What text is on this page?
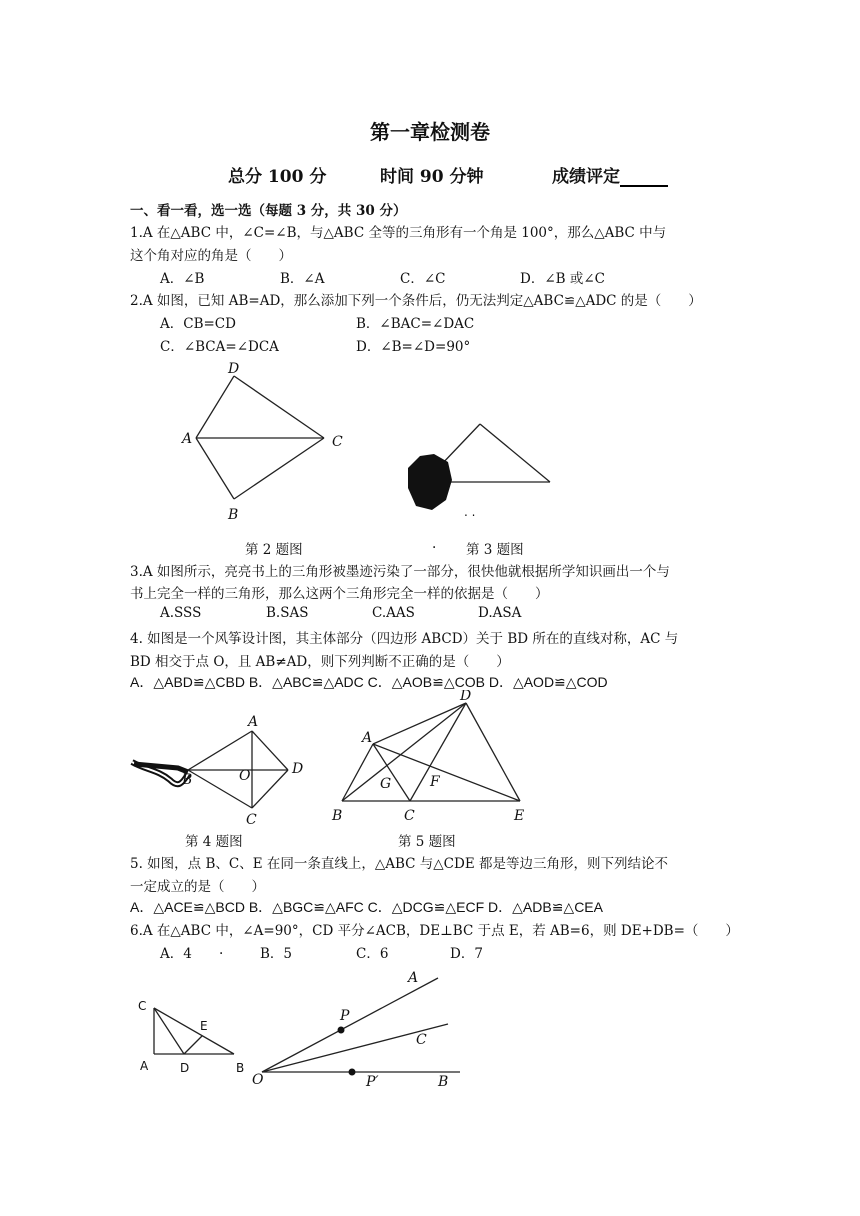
第一章检测卷
总分 100 分	时间 90 分钟	成绩评定
一、看一看，选一选（每题 3 分，共 30 分）
1.A 在△ABC 中，∠C=∠B，与△ABC 全等的三角形有一个角是 100°，那么△ABC 中与
这个角对应的角是（　　）
A．∠B	B．∠A	C．∠C	D．∠B 或∠C
2.A 如图，已知 AB=AD，那么添加下列一个条件后，仍无法判定△ABC≌△ADC 的是（　　）
A．CB=CD	B．∠BAC=∠DAC
C．∠BCA=∠DCA	D．∠B=∠D=90°
D
A	C
B	. .
第 2 题图	. 第 3 题图
3.A 如图所示，亮亮书上的三角形被墨迹污染了一部分，很快他就根据所学知识画出一个与
书上完全一样的三角形，那么这两个三角形完全一样的依据是（　　）
A.SSS	B.SAS	C.AAS	D.ASA
4. 如图是一个风筝设计图，其主体部分（四边形 ABCD）关于 BD 所在的直线对称，AC 与
BD 相交于点 O，且 AB≠AD，则下列判断不正确的是（　　）
A．△ABD≌△CBD B．△ABC≌△ADC C．△AOB≌△COB D．△AOD≌△COD
A
B	O	D
C
D
A
G	F
B	C	E
第 4 题图	第 5 题图
5. 如图，点 B、C、E 在同一条直线上，△ABC 与△CDE 都是等边三角形，则下列结论不
一定成立的是（　　）
A．△ACE≌△BCD B．△BGC≌△AFC C．△DCG≌△ECF D．△ADB≌△CEA
6.A 在△ABC 中，∠A=90°，CD 平分∠ACB，DE⊥BC 于点 E，若 AB=6，则 DE+DB=（　　）
A．4 .	B．5	C．6	D．7
C
E
A	D	B
A
P
C
O	P′	B
